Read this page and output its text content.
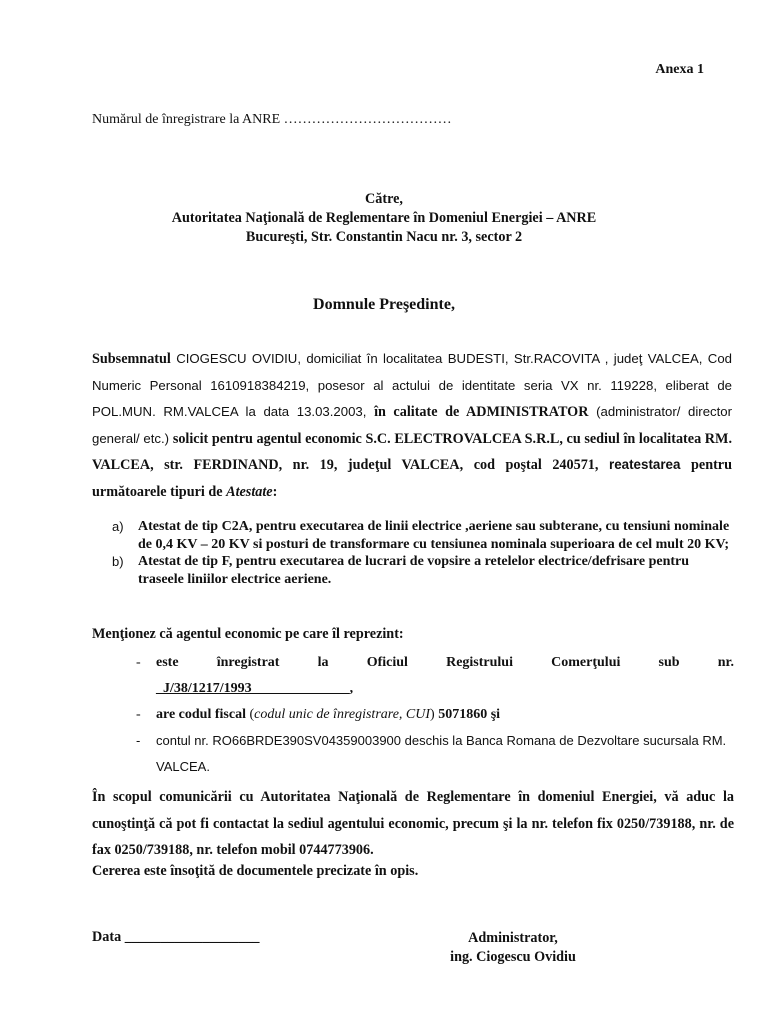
Anexa 1
Numărul de înregistrare la ANRE ………………………………
Către,
Autoritatea Naţională de Reglementare în Domeniul Energiei – ANRE
Bucureşti, Str. Constantin Nacu nr. 3, sector 2
Domnule Preşedinte,
Subsemnatul CIOGESCU OVIDIU, domiciliat în localitatea BUDESTI, Str.RACOVITA , judeţ VALCEA, Cod Numeric Personal 1610918384219, posesor al actului de identitate seria VX nr. 119228, eliberat de POL.MUN. RM.VALCEA la data 13.03.2003, în calitate de ADMINISTRATOR (administrator/ director general/ etc.) solicit pentru agentul economic S.C. ELECTROVALCEA S.R.L, cu sediul în localitatea RM. VALCEA, str. FERDINAND, nr. 19, judeţul VALCEA, cod poştal 240571, reatestarea pentru următoarele tipuri de Atestate:
a) Atestat de tip C2A, pentru executarea de linii electrice ,aeriene sau subterane, cu tensiuni nominale de 0,4 KV – 20 KV si posturi de transformare cu tensiunea nominala superioara de cel mult 20 KV;
b) Atestat de tip F, pentru executarea de lucrari de vopsire a retelelor electrice/defrisare pentru traseele liniilor electrice aeriene.
Menţionez că agentul economic pe care îl reprezint:
- este	înregistrat	la	Oficiul	Registrului	Comerţului	sub	nr.
_J/38/1217/1993______________,
- are codul fiscal (codul unic de înregistrare, CUI) 5071860 şi
- contul nr. RO66BRDE390SV04359003900 deschis la Banca Romana de Dezvoltare sucursala RM. VALCEA.
În scopul comunicării cu Autoritatea Naţională de Reglementare în domeniul Energiei, vă aduc la cunoştinţă că pot fi contactat la sediul agentului economic, precum şi la nr. telefon fix 0250/739188, nr. de fax 0250/739188, nr. telefon mobil 0744773906.
Cererea este însoţită de documentele precizate în opis.
Data ___________________	Administrator,
ing. Ciogescu Ovidiu
